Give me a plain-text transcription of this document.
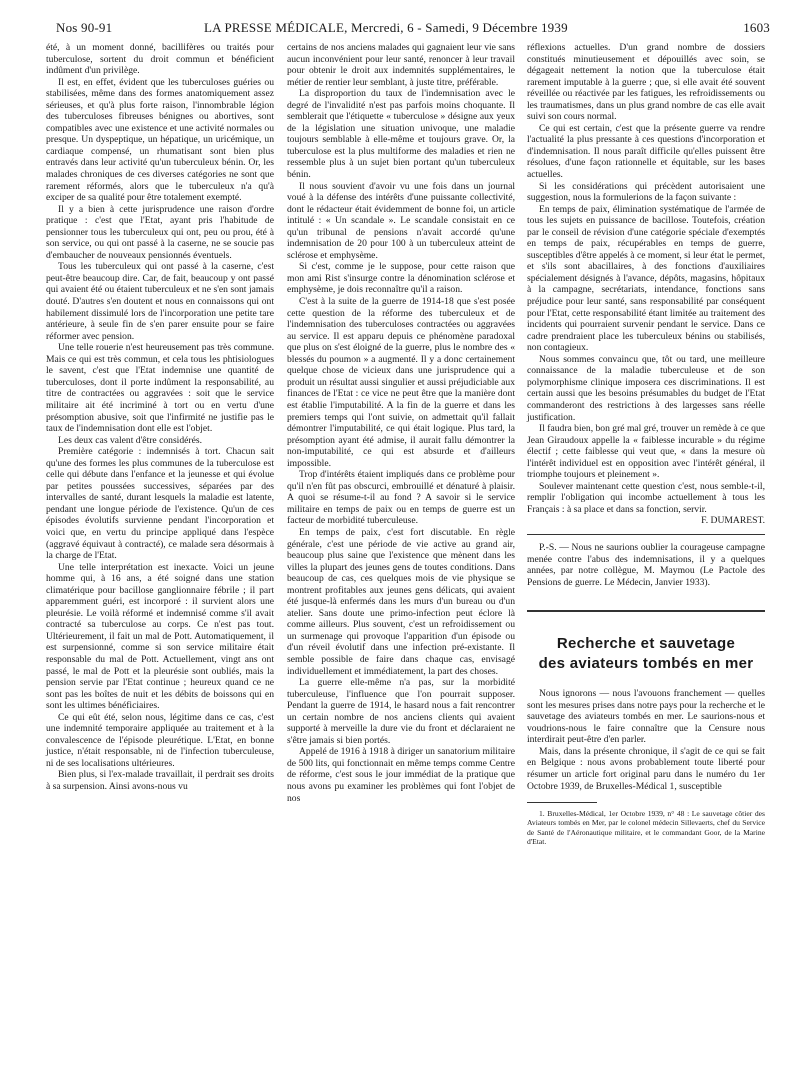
Nos 90-91	LA PRESSE MÉDICALE, Mercredi, 6 - Samedi, 9 Décembre 1939	1603

été, à un moment donné, bacillifères ou traités pour tuberculose, sortent du droit commun et bénéficient indûment d'un privilège.

Il est, en effet, évident que les tuberculoses guéries ou stabilisées, même dans des formes anatomiquement assez sérieuses, et qu'à plus forte raison, l'innombrable légion des tuberculoses fibreuses bénignes ou abortives, sont compatibles avec une existence et une activité normales ou presque. Un dyspeptique, un hépatique, un uricémique, un cardiaque compensé, un rhumatisant sont bien plus entravés dans leur activité qu'un tuberculeux bénin. Or, les malades chroniques de ces diverses catégories ne sont que rarement réformés, alors que le tuberculeux n'a qu'à exciper de sa qualité pour être totalement exempté.

Il y a bien à cette jurisprudence une raison d'ordre pratique : c'est que l'Etat, ayant pris l'habitude de pensionner tous les tuberculeux qui ont, peu ou prou, été à son service, ou qui ont passé à la caserne, ne se soucie pas d'embaucher de nouveaux pensionnés éventuels.

Tous les tuberculeux qui ont passé à la caserne, c'est peut-être beaucoup dire. Car, de fait, beaucoup y ont passé qui avaient été ou étaient tuberculeux et ne s'en sont jamais douté. D'autres s'en doutent et nous en connaissons qui ont habilement dissimulé lors de l'incorporation une petite tare antérieure, à seule fin de s'en parer ensuite pour se faire réformer avec pension.

Une telle rouerie n'est heureusement pas très commune. Mais ce qui est très commun, et cela tous les phtisiologues le savent, c'est que l'Etat indemnise une quantité de tuberculoses, dont il porte indûment la responsabilité, au titre de contractées ou aggravées : soit que le service militaire ait été incriminé à tort ou en vertu d'une présomption abusive, soit que l'infirmité ne justifie pas le taux de l'indemnisation dont elle est l'objet.

Les deux cas valent d'être considérés.

Première catégorie : indemnisés à tort. Chacun sait qu'une des formes les plus communes de la tuberculose est celle qui débute dans l'enfance et la jeunesse et qui évolue par petites poussées successives, séparées par des intervalles de santé, durant lesquels la maladie est latente, pendant une longue période de l'existence. Qu'un de ces épisodes évolutifs survienne pendant l'incorporation et voici que, en vertu du principe appliqué dans l'espèce (aggravé équivaut à contracté), ce malade sera désormais à la charge de l'Etat.

Une telle interprétation est inexacte. Voici un jeune homme qui, à 16 ans, a été soigné dans une station climatérique pour bacillose ganglionnaire fébrile ; il part apparemment guéri, est incorporé : il survient alors une pleurésie. Le voilà réformé et indemnisé comme s'il avait contracté sa tuberculose au corps. Ce n'est pas tout. Ultérieurement, il fait un mal de Pott. Automatiquement, il est surpensionné, comme si son service militaire était responsable du mal de Pott. Actuellement, vingt ans ont passé, le mal de Pott et la pleurésie sont oubliés, mais la pension servie par l'Etat continue ; heureux quand ce ne sont pas les boîtes de nuit et les débits de boissons qui en sont les ultimes bénéficiaires.

Ce qui eût été, selon nous, légitime dans ce cas, c'est une indemnité temporaire appliquée au traitement et à la convalescence de l'épisode pleurétique. L'Etat, en bonne justice, n'était responsable, ni de l'infection tuberculeuse, ni de ses localisations ultérieures.

Bien plus, si l'ex-malade travaillait, il perdrait ses droits à sa surpension. Ainsi avons-nous vu

certains de nos anciens malades qui gagnaient leur vie sans aucun inconvénient pour leur santé, renoncer à leur travail pour obtenir le droit aux indemnités supplémentaires, le métier de rentier leur semblant, à juste titre, préférable.

La disproportion du taux de l'indemnisation avec le degré de l'invalidité n'est pas parfois moins choquante. Il semblerait que l'étiquette « tuberculose » désigne aux yeux de la législation une situation univoque, une maladie toujours semblable à elle-même et toujours grave. Or, la tuberculose est la plus multiforme des maladies et rien ne ressemble plus à un sujet bien portant qu'un tuberculeux bénin.

Il nous souvient d'avoir vu une fois dans un journal voué à la défense des intérêts d'une puissante collectivité, dont le rédacteur était évidemment de bonne foi, un article intitulé : « Un scandale ». Le scandale consistait en ce qu'un tribunal de pensions n'avait accordé qu'une indemnisation de 20 pour 100 à un tuberculeux atteint de sclérose et emphysème.

Si c'est, comme je le suppose, pour cette raison que mon ami Rist s'insurge contre la dénomination sclérose et emphysème, je dois reconnaître qu'il a raison.

C'est à la suite de la guerre de 1914-18 que s'est posée cette question de la réforme des tuberculeux et de l'indemnisation des tuberculoses contractées ou aggravées au service. Il est apparu depuis ce phénomène paradoxal que plus on s'est éloigné de la guerre, plus le nombre des « blessés du poumon » a augmenté. Il y a donc certainement quelque chose de vicieux dans une jurisprudence qui a produit un résultat aussi singulier et aussi préjudiciable aux finances de l'Etat : ce vice ne peut être que la manière dont est établie l'imputabilité. A la fin de la guerre et dans les premiers temps qui l'ont suivie, on admettait qu'il fallait démontrer l'imputabilité, ce qui était logique. Plus tard, la présomption ayant été admise, il aurait fallu démontrer la non-imputabilité, ce qui est absurde et d'ailleurs impossible.

Trop d'intérêts étaient impliqués dans ce problème pour qu'il n'en fût pas obscurci, embrouillé et dénaturé à plaisir. A quoi se résume-t-il au fond ? A savoir si le service militaire en temps de paix ou en temps de guerre est un facteur de morbidité tuberculeuse.

En temps de paix, c'est fort discutable. En règle générale, c'est une période de vie active au grand air, beaucoup plus saine que l'existence que mènent dans les villes la plupart des jeunes gens de toutes conditions. Dans beaucoup de cas, ces quelques mois de vie physique se montrent profitables aux jeunes gens délicats, qui avaient été jusque-là enfermés dans les murs d'un bureau ou d'un atelier. Sans doute une primo-infection peut éclore là comme ailleurs. Plus souvent, c'est un refroidissement ou un surmenage qui provoque l'apparition d'un épisode ou d'un réveil évolutif dans une infection pré-existante. Il semble possible de faire dans chaque cas, envisagé individuellement et immédiatement, la part des choses.

La guerre elle-même n'a pas, sur la morbidité tuberculeuse, l'influence que l'on pourrait supposer. Pendant la guerre de 1914, le hasard nous a fait rencontrer un certain nombre de nos anciens clients qui avaient supporté à merveille la dure vie du front et déclaraient ne s'être jamais si bien portés.

Appelé de 1916 à 1918 à diriger un sanatorium militaire de 500 lits, qui fonctionnait en même temps comme Centre de réforme, c'est sous le jour immédiat de la pratique que nous avons pu examiner les problèmes qui font l'objet de nos

réflexions actuelles. D'un grand nombre de dossiers constitués minutieusement et dépouillés avec soin, se dégageait nettement la notion que la tuberculose était rarement imputable à la guerre ; que, si elle avait été souvent réveillée ou réactivée par les fatigues, les refroidissements ou les traumatismes, dans un plus grand nombre de cas elle avait suivi son cours normal.

Ce qui est certain, c'est que la présente guerre va rendre l'actualité la plus pressante à ces questions d'incorporation et d'indemnisation. Il nous paraît difficile qu'elles puissent être résolues, d'une façon rationnelle et équitable, sur les bases actuelles.

Si les considérations qui précèdent autorisaient une suggestion, nous la formulerions de la façon suivante :

En temps de paix, élimination systématique de l'armée de tous les sujets en puissance de bacillose. Toutefois, création par le conseil de révision d'une catégorie spéciale d'exemptés en temps de paix, récupérables en temps de guerre, susceptibles d'être appelés à ce moment, si leur état le permet, et s'ils sont abacillaires, à des fonctions d'auxiliaires spécialement désignés à l'avance, dépôts, magasins, hôpitaux à la campagne, secrétariats, intendance, fonctions sans préjudice pour leur santé, sans responsabilité par conséquent pour l'Etat, cette responsabilité étant limitée au traitement des incidents qui pourraient survenir pendant le service. Dans ce cadre prendraient place les tuberculeux bénins ou stabilisés, non contagieux.

Nous sommes convaincu que, tôt ou tard, une meilleure connaissance de la maladie tuberculeuse et de son polymorphisme clinique imposera ces discriminations. Il est certain aussi que les besoins présumables du budget de l'Etat commanderont des restrictions à des largesses sans réelle justification.

Il faudra bien, bon gré mal gré, trouver un remède à ce que Jean Giraudoux appelle la « faiblesse incurable » du régime électif ; cette faiblesse qui veut que, « dans la mesure où l'intérêt individuel est en opposition avec l'intérêt général, il triomphe toujours et pleinement ».

Soulever maintenant cette question c'est, nous semble-t-il, remplir l'obligation qui incombe actuellement à tous les Français : à sa place et dans sa fonction, servir.

F. DUMAREST.

P.-S. — Nous ne saurions oublier la courageuse campagne menée contre l'abus des indemnisations, il y a quelques années, par notre collègue, M. Maymou (Le Pactole des Pensions de guerre. Le Médecin, Janvier 1933).

Recherche et sauvetage
des aviateurs tombés en mer

Nous ignorons — nous l'avouons franchement — quelles sont les mesures prises dans notre pays pour la recherche et le sauvetage des aviateurs tombés en mer. Le saurions-nous et voudrions-nous le faire connaître que la Censure nous interdirait peut-être d'en parler.

Mais, dans la présente chronique, il s'agit de ce qui se fait en Belgique : nous avons probablement toute liberté pour résumer un article fort original paru dans le numéro du 1er Octobre 1939, de Bruxelles-Médical 1, susceptible

1. Bruxelles-Médical, 1er Octobre 1939, n° 48 : Le sauvetage côtier des Aviateurs tombés en Mer, par le colonel médecin Sillevaerts, chef du Service de Santé de l'Aéronautique militaire, et le commandant Goor, de la Marine d'Etat.
